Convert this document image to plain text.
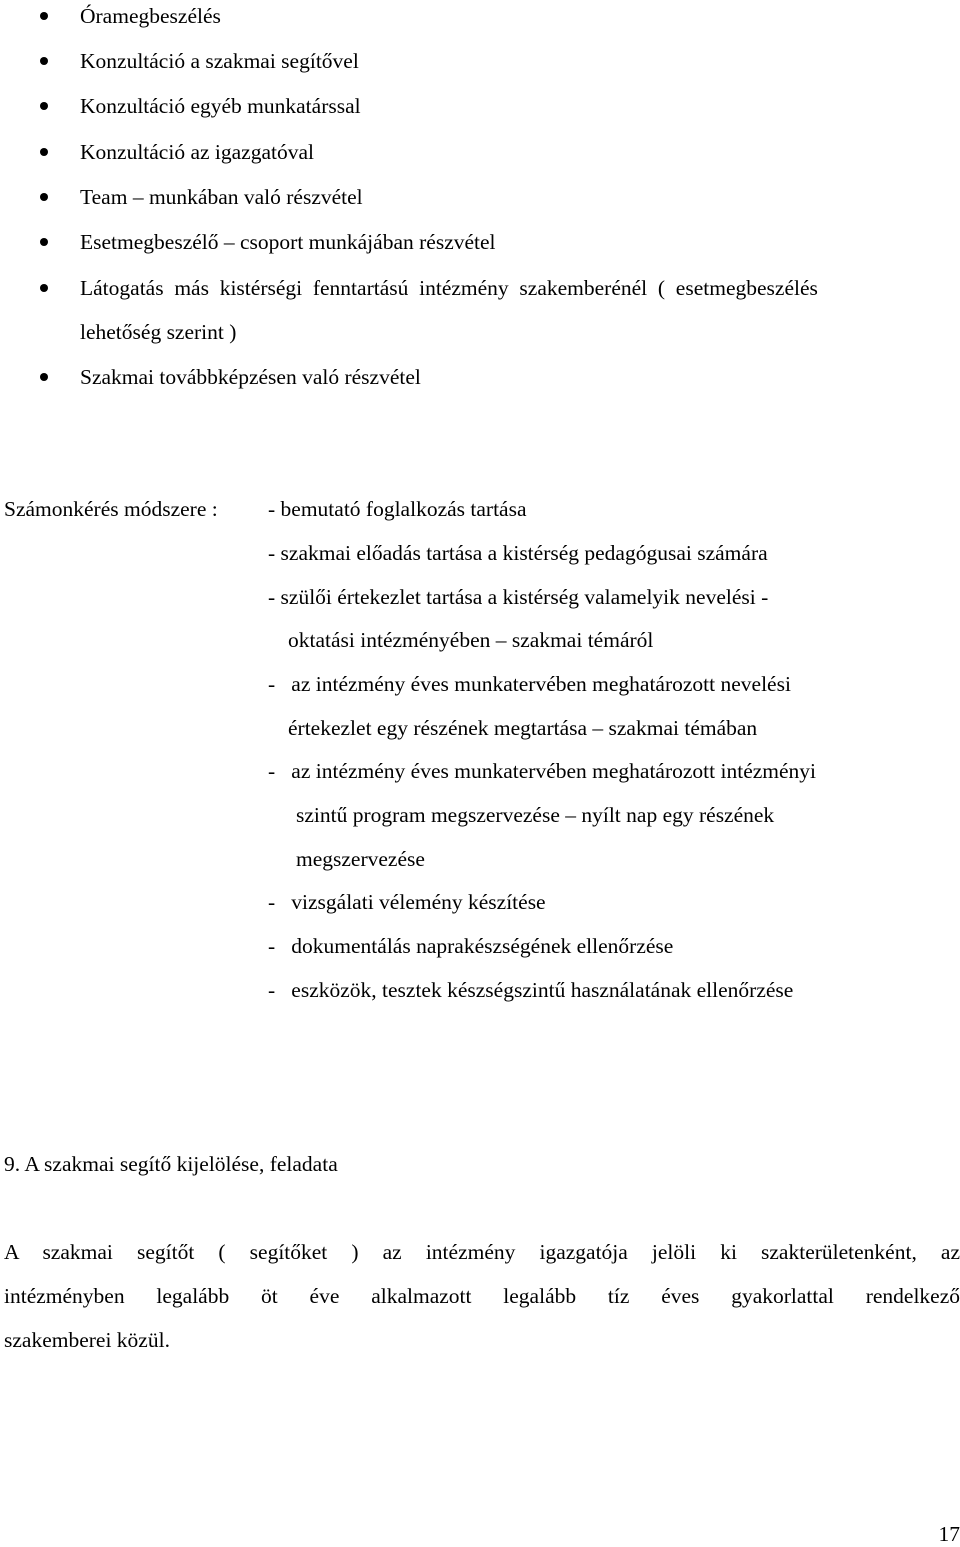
Óramegbeszélés
Konzultáció a szakmai segítővel
Konzultáció egyéb munkatárssal
Konzultáció az igazgatóval
Team – munkában való részvétel
Esetmegbeszélő – csoport munkájában részvétel
Látogatás  más  kistérségi  fenntartású  intézmény  szakemberénél  (  esetmegbeszélés
lehetőség szerint )
Szakmai továbbképzésen való részvétel
Számonkérés módszere : - bemutató foglalkozás tartása
- szakmai előadás tartása a kistérség pedagógusai számára
- szülői értekezlet tartása a kistérség valamelyik nevelési -
oktatási intézményében – szakmai témáról
-   az intézmény éves munkatervében meghatározott nevelési
értekezlet egy részének megtartása – szakmai témában
-   az intézmény éves munkatervében meghatározott intézményi
szintű program megszervezése – nyílt nap egy részének
megszervezése
-   vizsgálati vélemény készítése
-   dokumentálás naprakészségének ellenőrzése
-   eszközök, tesztek készségszintű használatának ellenőrzése
9. A szakmai segítő kijelölése, feladata
A szakmai segítőt ( segítőket ) az intézmény igazgatója jelöli ki szakterületenként, az
intézményben legalább öt éve alkalmazott legalább tíz éves gyakorlattal rendelkező
szakemberei közül.
17
